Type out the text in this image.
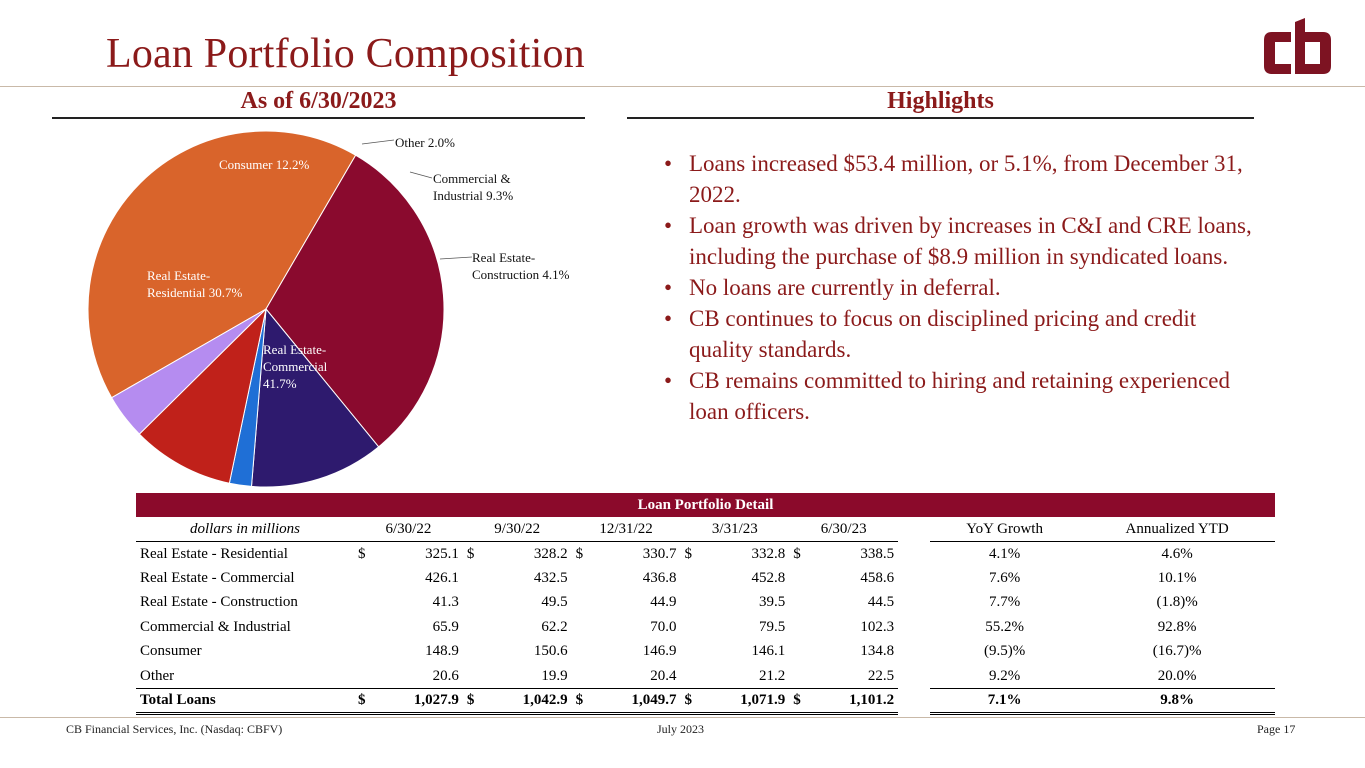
Loan Portfolio Composition
As of 6/30/2023	Highlights
Other 2.0%
Commercial &
Industrial 9.3%
Real Estate-
Construction 4.1%
Consumer 12.2%
Real Estate-
Residential 30.7%
Real Estate-
Commercial
41.7%
• Loans increased $53.4 million, or 5.1%, from December 31, 2022.
• Loan growth was driven by increases in C&I and CRE loans, including the purchase of $8.9 million in syndicated loans.
• No loans are currently in deferral.
• CB continues to focus on disciplined pricing and credit quality standards.
• CB remains committed to hiring and retaining experienced loan officers.
Loan Portfolio Detail													
dollars in millions	6/30/22		9/30/22		12/31/22		3/31/23		6/30/23			YoY Growth	Annualized YTD
Real Estate - Residential	$	325.1	$	328.2	$	330.7	$	332.8	$	338.5		4.1%	4.6%
Real Estate - Commercial		426.1		432.5		436.8		452.8		458.6		7.6%	10.1%
Real Estate - Construction		41.3		49.5		44.9		39.5		44.5		7.7%	(1.8)%
Commercial & Industrial		65.9		62.2		70.0		79.5		102.3		55.2%	92.8%
Consumer		148.9		150.6		146.9		146.1		134.8		(9.5)%	(16.7)%
Other		20.6		19.9		20.4		21.2		22.5		9.2%	20.0%
Total Loans	$	1,027.9	$	1,042.9	$	1,049.7	$	1,071.9	$	1,101.2		7.1%	9.8%
CB Financial Services, Inc. (Nasdaq: CBFV)	July 2023	Page 17
